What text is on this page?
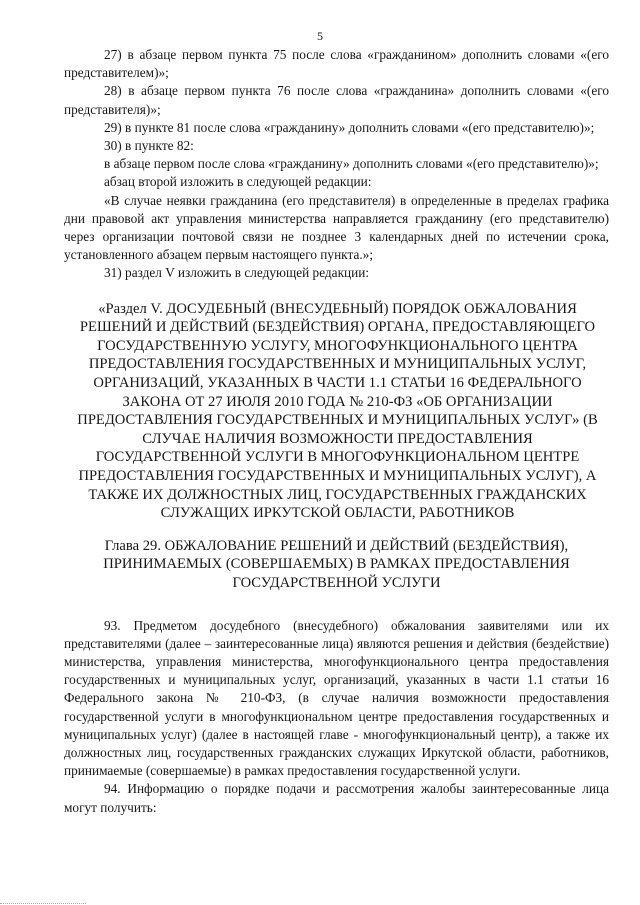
5

27) в абзаце первом пункта 75 после слова «гражданином» дополнить словами «(его представителем)»;

28) в абзаце первом пункта 76 после слова «гражданина» дополнить словами «(его представителя)»;

29) в пункте 81 после слова «гражданину» дополнить словами «(его представителю)»;

30) в пункте 82:

в абзаце первом после слова «гражданину» дополнить словами «(его представителю)»;

абзац второй изложить в следующей редакции:

«В случае неявки гражданина (его представителя) в определенные в пределах графика дни правовой акт управления министерства направляется гражданину (его представителю) через организации почтовой связи не позднее 3 календарных дней по истечении срока, установленного абзацем первым настоящего пункта.»;

31) раздел V изложить в следующей редакции:

«Раздел V. ДОСУДЕБНЫЙ (ВНЕСУДЕБНЫЙ) ПОРЯДОК ОБЖАЛОВАНИЯ РЕШЕНИЙ И ДЕЙСТВИЙ (БЕЗДЕЙСТВИЯ) ОРГАНА, ПРЕДОСТАВЛЯЮЩЕГО ГОСУДАРСТВЕННУЮ УСЛУГУ, МНОГОФУНКЦИОНАЛЬНОГО ЦЕНТРА ПРЕДОСТАВЛЕНИЯ ГОСУДАРСТВЕННЫХ И МУНИЦИПАЛЬНЫХ УСЛУГ, ОРГАНИЗАЦИЙ, УКАЗАННЫХ В ЧАСТИ 1.1 СТАТЬИ 16 ФЕДЕРАЛЬНОГО ЗАКОНА ОТ 27 ИЮЛЯ 2010 ГОДА № 210-ФЗ «ОБ ОРГАНИЗАЦИИ ПРЕДОСТАВЛЕНИЯ ГОСУДАРСТВЕННЫХ И МУНИЦИПАЛЬНЫХ УСЛУГ» (В СЛУЧАЕ НАЛИЧИЯ ВОЗМОЖНОСТИ ПРЕДОСТАВЛЕНИЯ ГОСУДАРСТВЕННОЙ УСЛУГИ В МНОГОФУНКЦИОНАЛЬНОМ ЦЕНТРЕ ПРЕДОСТАВЛЕНИЯ ГОСУДАРСТВЕННЫХ И МУНИЦИПАЛЬНЫХ УСЛУГ), А ТАКЖЕ ИХ ДОЛЖНОСТНЫХ ЛИЦ, ГОСУДАРСТВЕННЫХ ГРАЖДАНСКИХ СЛУЖАЩИХ ИРКУТСКОЙ ОБЛАСТИ, РАБОТНИКОВ

Глава 29. ОБЖАЛОВАНИЕ РЕШЕНИЙ И ДЕЙСТВИЙ (БЕЗДЕЙСТВИЯ), ПРИНИМАЕМЫХ (СОВЕРШАЕМЫХ) В РАМКАХ ПРЕДОСТАВЛЕНИЯ ГОСУДАРСТВЕННОЙ УСЛУГИ

93. Предметом досудебного (внесудебного) обжалования заявителями или их представителями (далее – заинтересованные лица) являются решения и действия (бездействие) министерства, управления министерства, многофункционального центра предоставления государственных и муниципальных услуг, организаций, указанных в части 1.1 статьи 16 Федерального закона № 210-ФЗ, (в случае наличия возможности предоставления государственной услуги в многофункциональном центре предоставления государственных и муниципальных услуг) (далее в настоящей главе - многофункциональный центр), а также их должностных лиц, государственных гражданских служащих Иркутской области, работников, принимаемые (совершаемые) в рамках предоставления государственной услуги.

94. Информацию о порядке подачи и рассмотрения жалобы заинтересованные лица могут получить:
